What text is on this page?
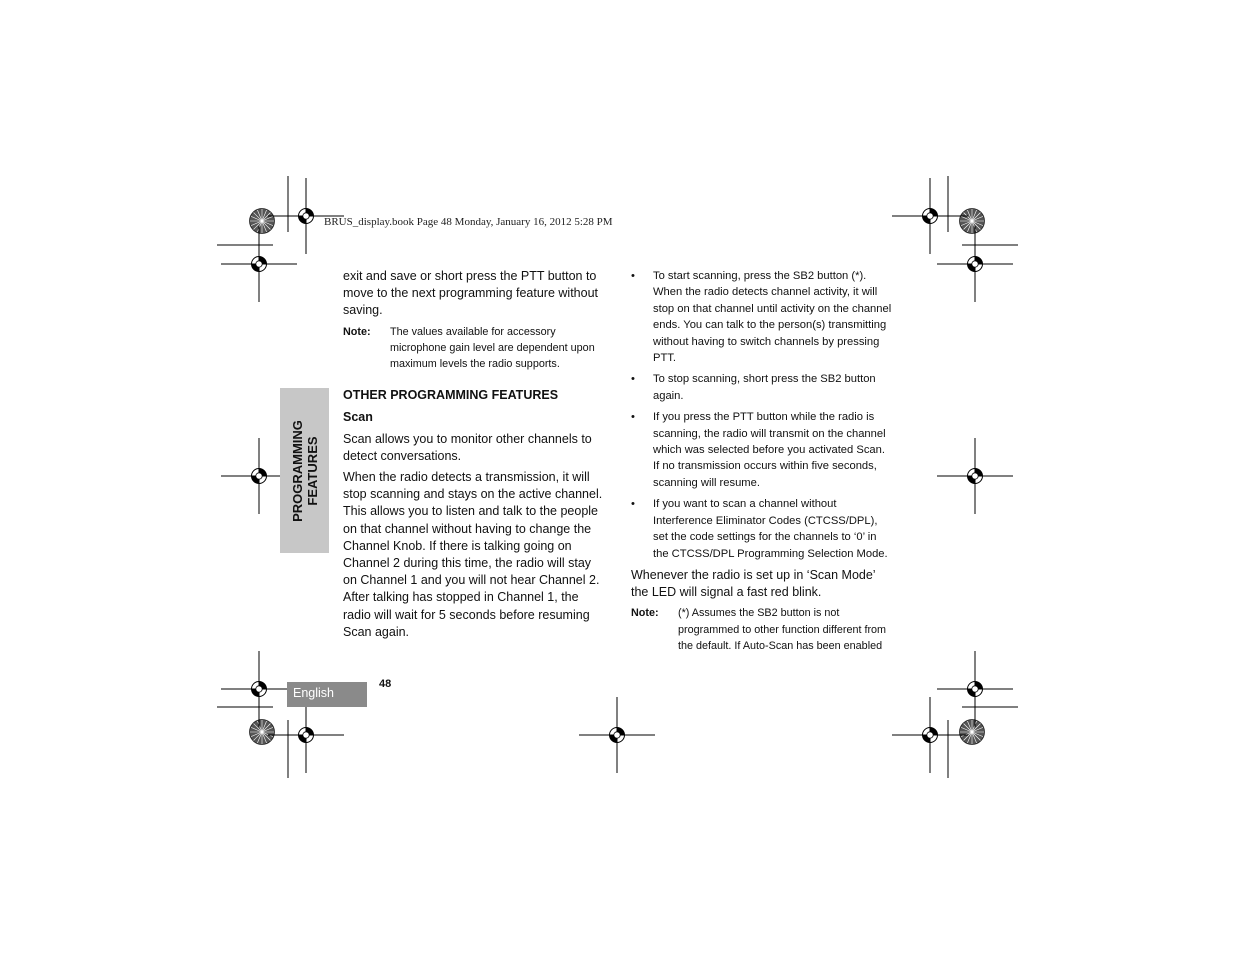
BRUS_display.book Page 48 Monday, January 16, 2012 5:28 PM
PROGRAMMING FEATURES

exit and save or short press the PTT button to move to the next programming feature without saving.

Note:	The values available for accessory microphone gain level are dependent upon maximum levels the radio supports.
OTHER PROGRAMMING FEATURES
Scan

Scan allows you to monitor other channels to detect conversations.

When the radio detects a transmission, it will stop scanning and stays on the active channel. This allows you to listen and talk to the people on that channel without having to change the Channel Knob. If there is talking going on Channel 2 during this time, the radio will stay on Channel 1 and you will not hear Channel 2. After talking has stopped in Channel 1, the radio will wait for 5 seconds before resuming Scan again.

•	To start scanning, press the SB2 button (*). When the radio detects channel activity, it will stop on that channel until activity on the channel ends. You can talk to the person(s) transmitting without having to switch channels by pressing PTT.
•	To stop scanning, short press the SB2 button again.
•	If you press the PTT button while the radio is scanning, the radio will transmit on the channel which was selected before you activated Scan. If no transmission occurs within five seconds, scanning will resume.
•	If you want to scan a channel without Interference Eliminator Codes (CTCSS/DPL), set the code settings for the channels to ‘0’ in the CTCSS/DPL Programming Selection Mode.

Whenever the radio is set up in ‘Scan Mode’ the LED will signal a fast red blink.

Note:	(*) Assumes the SB2 button is not programmed to other function different from the default. If Auto-Scan has been enabled
English
48
